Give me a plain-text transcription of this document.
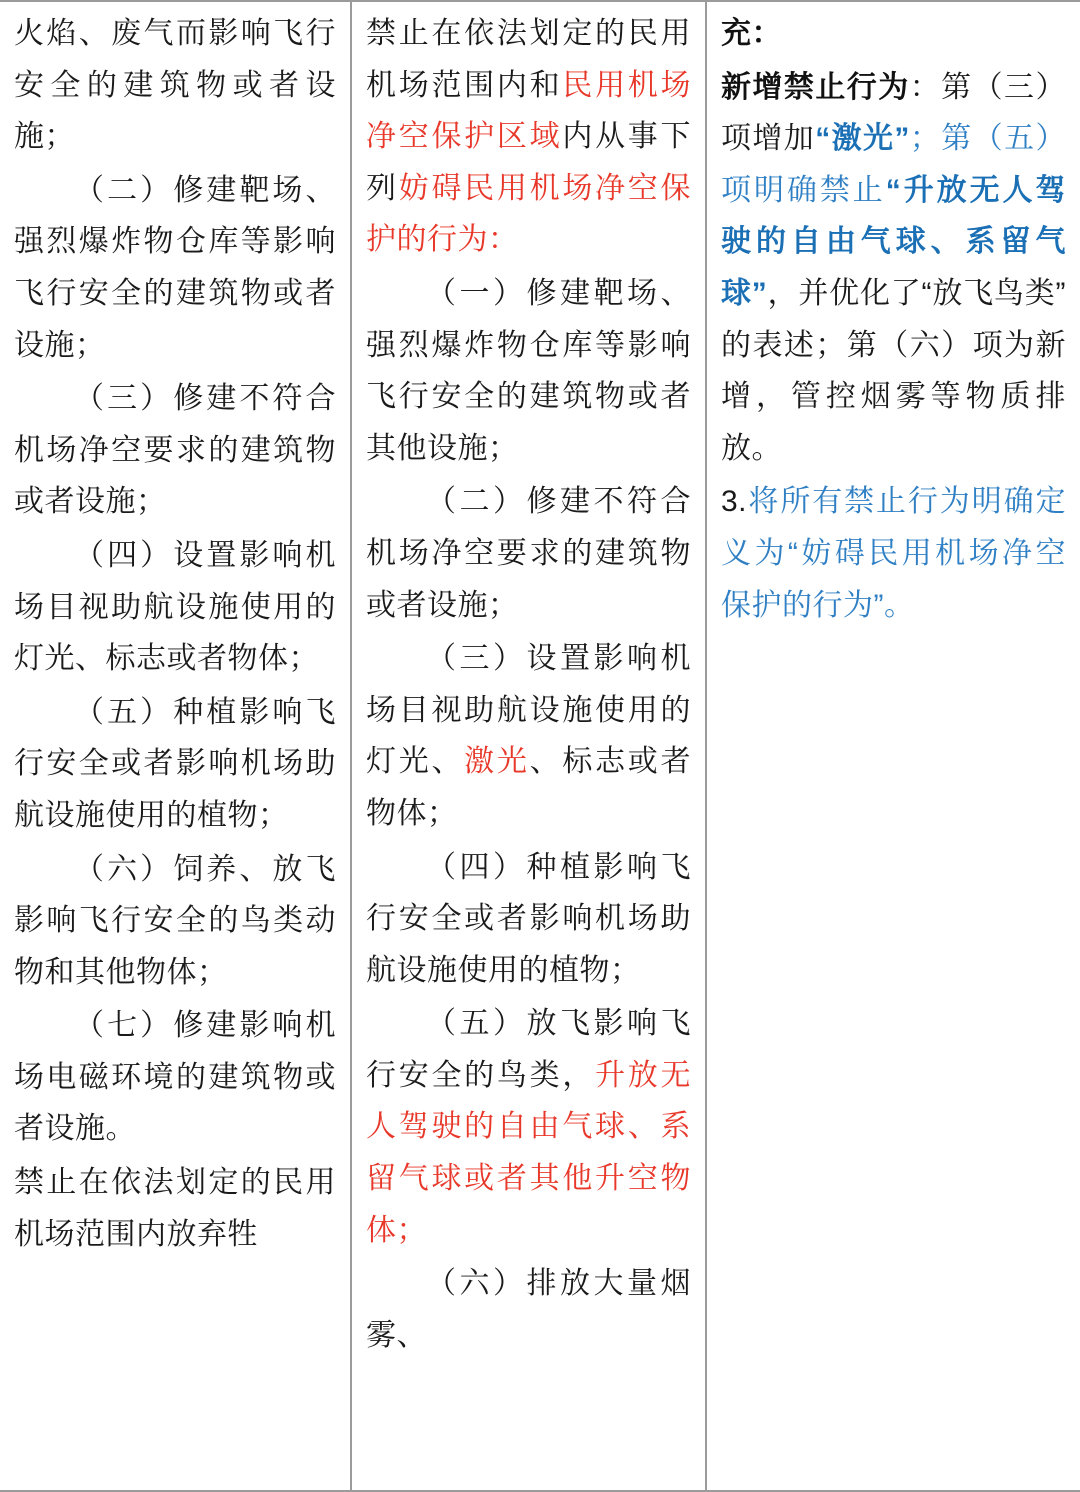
火焰、废气而影响飞行安全的建筑物或者设施；

（二）修建靶场、强烈爆炸物仓库等影响飞行安全的建筑物或者设施；

（三）修建不符合机场净空要求的建筑物或者设施；

（四）设置影响机场目视助航设施使用的灯光、标志或者物体；

（五）种植影响飞行安全或者影响机场助航设施使用的植物；

（六）饲养、放飞影响飞行安全的鸟类动物和其他物体；

（七）修建影响机场电磁环境的建筑物或者设施。

禁止在依法划定的民用机场范围内放弃牲

禁止在依法划定的民用机场范围内和民用机场净空保护区域内从事下列妨碍民用机场净空保护的行为：

（一）修建靶场、强烈爆炸物仓库等影响飞行安全的建筑物或者其他设施；

（二）修建不符合机场净空要求的建筑物或者设施；

（三）设置影响机场目视助航设施使用的灯光、激光、标志或者物体；

（四）种植影响飞行安全或者影响机场助航设施使用的植物；

（五）放飞影响飞行安全的鸟类，升放无人驾驶的自由气球、系留气球或者其他升空物体；

（六）排放大量烟雾、

充：

新增禁止行为：第（三）项增加“激光”；第（五）项明确禁止“升放无人驾驶的自由气球、系留气球”，并优化了“放飞鸟类”的表述；第（六）项为新增，管控烟雾等物质排放。

3.将所有禁止行为明确定义为“妨碍民用机场净空保护的行为”。
